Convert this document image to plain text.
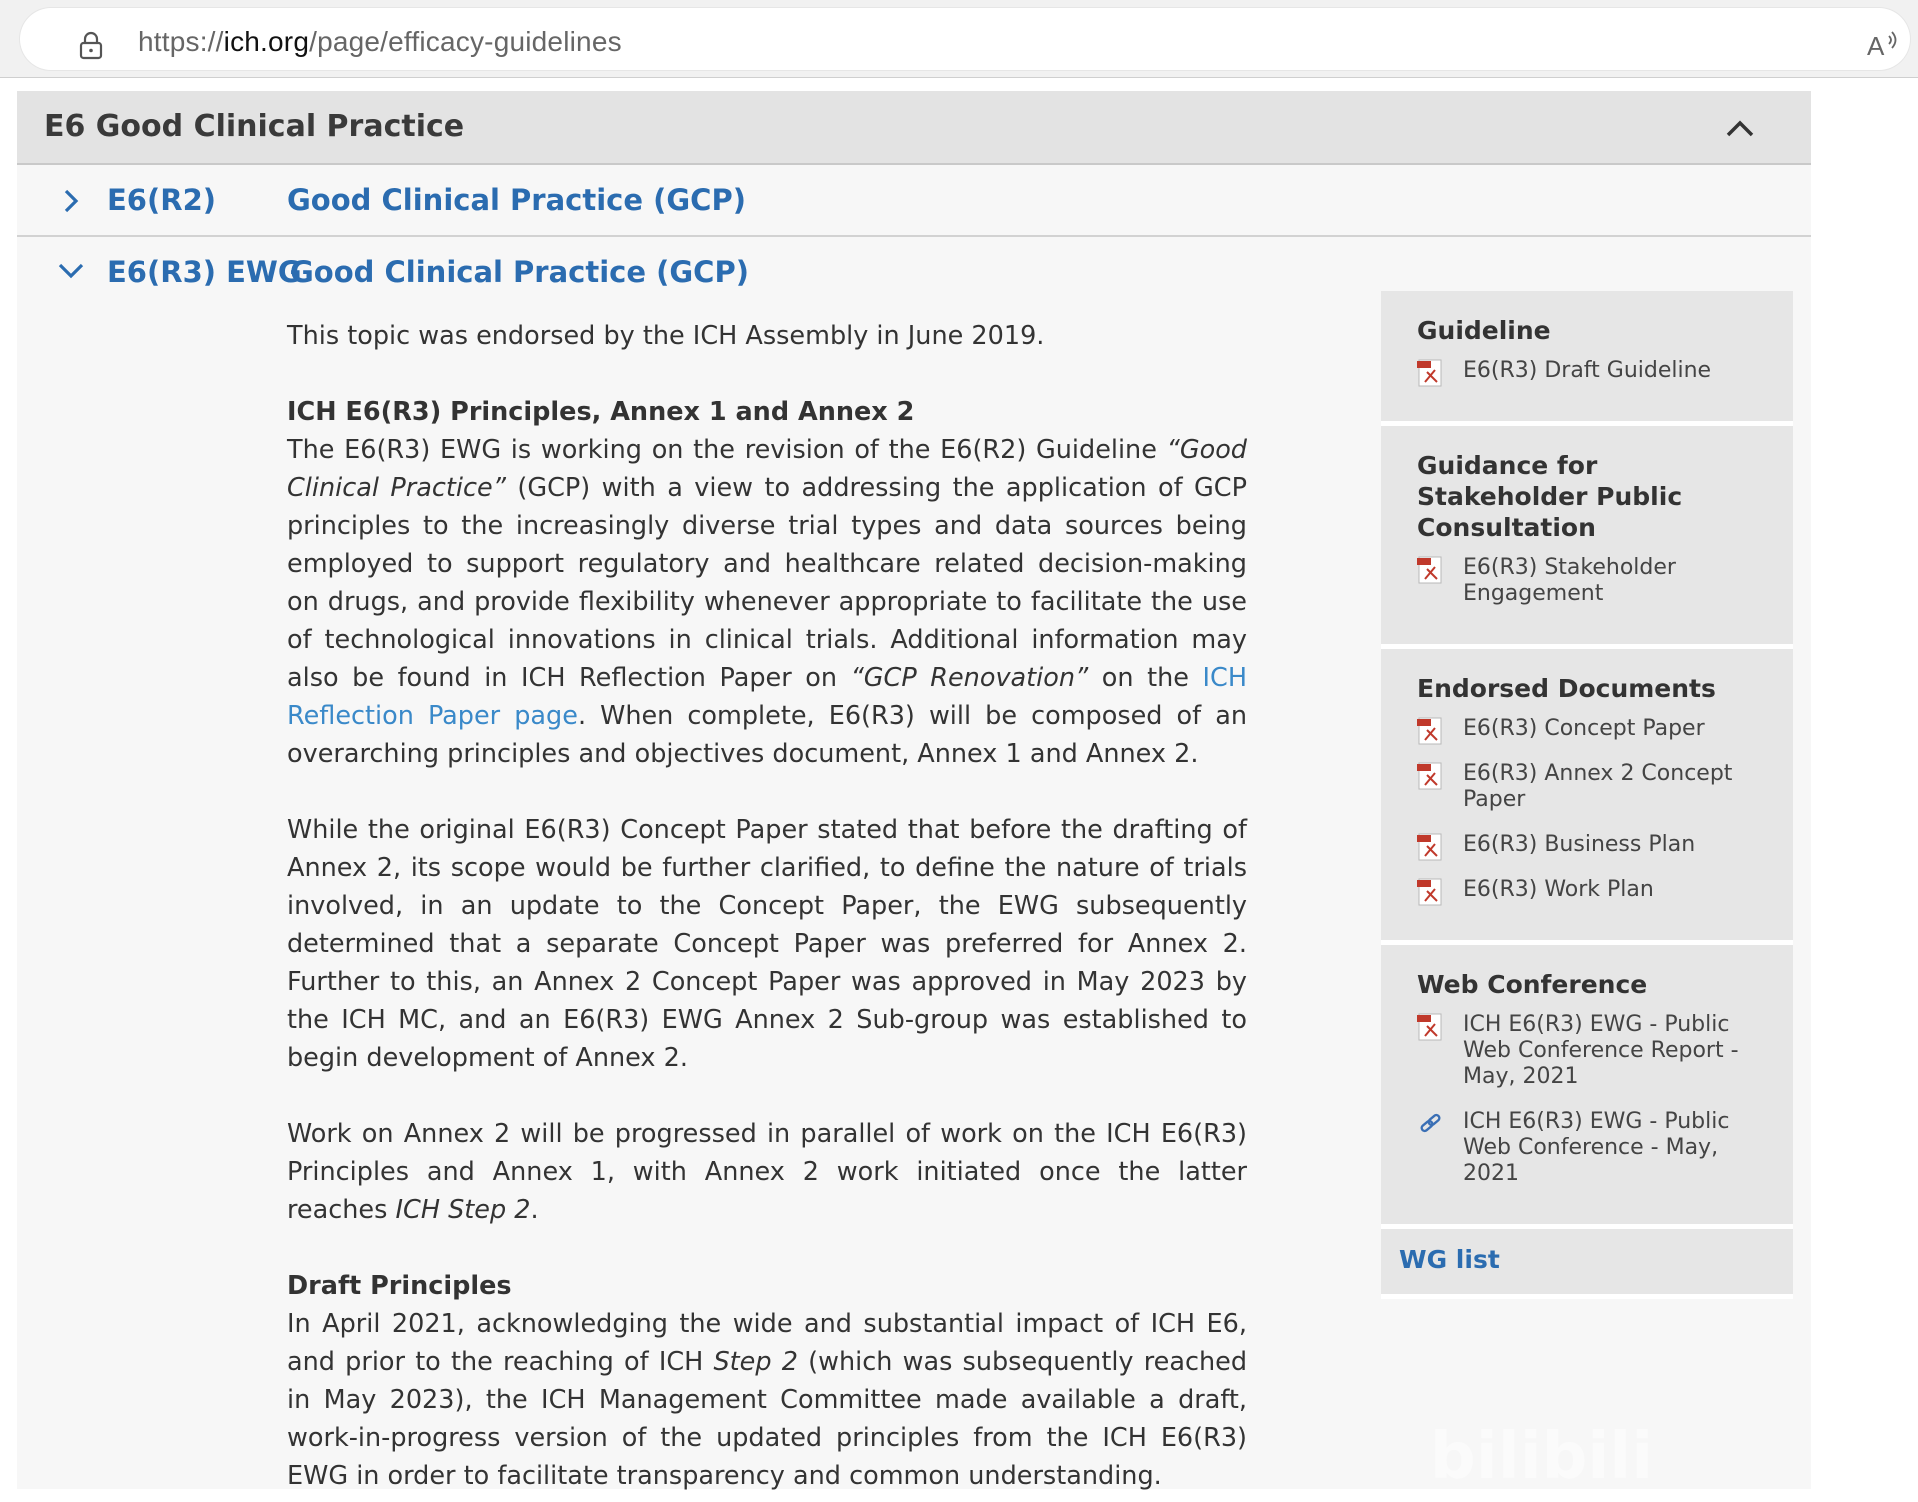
https://ich.org/page/efficacy-guidelines	A
E6 Good Clinical Practice
E6(R2) Good Clinical Practice (GCP)
E6(R3) EWG
Good Clinical Practice (GCP)

This topic was endorsed by the ICH Assembly in June 2019.

ICH E6(R3) Principles, Annex 1 and Annex 2

The E6(R3) EWG is working on the revision of the E6(R2) Guideline “Good Clinical Practice” (GCP) with a view to addressing the application of GCP principles to the increasingly diverse trial types and data sources being employed to support regulatory and healthcare related decision-making on drugs, and provide flexibility whenever appropriate to facilitate the use of technological innovations in clinical trials. Additional information may also be found in ICH Reflection Paper on “GCP Renovation” on the ICH Reflection Paper page. When complete, E6(R3) will be composed of an overarching principles and objectives document, Annex 1 and Annex 2.

While the original E6(R3) Concept Paper stated that before the drafting of Annex 2, its scope would be further clarified, to define the nature of trials involved, in an update to the Concept Paper, the EWG subsequently determined that a separate Concept Paper was preferred for Annex 2. Further to this, an Annex 2 Concept Paper was approved in May 2023 by the ICH MC, and an E6(R3) EWG Annex 2 Sub-group was established to begin development of Annex 2.

Work on Annex 2 will be progressed in parallel of work on the ICH E6(R3) Principles and Annex 1, with Annex 2 work initiated once the latter reaches ICH Step 2.

Draft Principles

In April 2021, acknowledging the wide and substantial impact of ICH E6, and prior to the reaching of ICH Step 2 (which was subsequently reached in May 2023), the ICH Management Committee made available a draft, work-in-progress version of the updated principles from the ICH E6(R3) EWG in order to facilitate transparency and common understanding.

Guideline
E6(R3) Draft Guideline
Guidance for Stakeholder Public Consultation
E6(R3) Stakeholder Engagement
Endorsed Documents
E6(R3) Concept Paper
E6(R3) Annex 2 Concept Paper
E6(R3) Business Plan
E6(R3) Work Plan
Web Conference
ICH E6(R3) EWG - Public Web Conference Report - May, 2021
ICH E6(R3) EWG - Public Web Conference - May, 2021
WG list
bilibili
